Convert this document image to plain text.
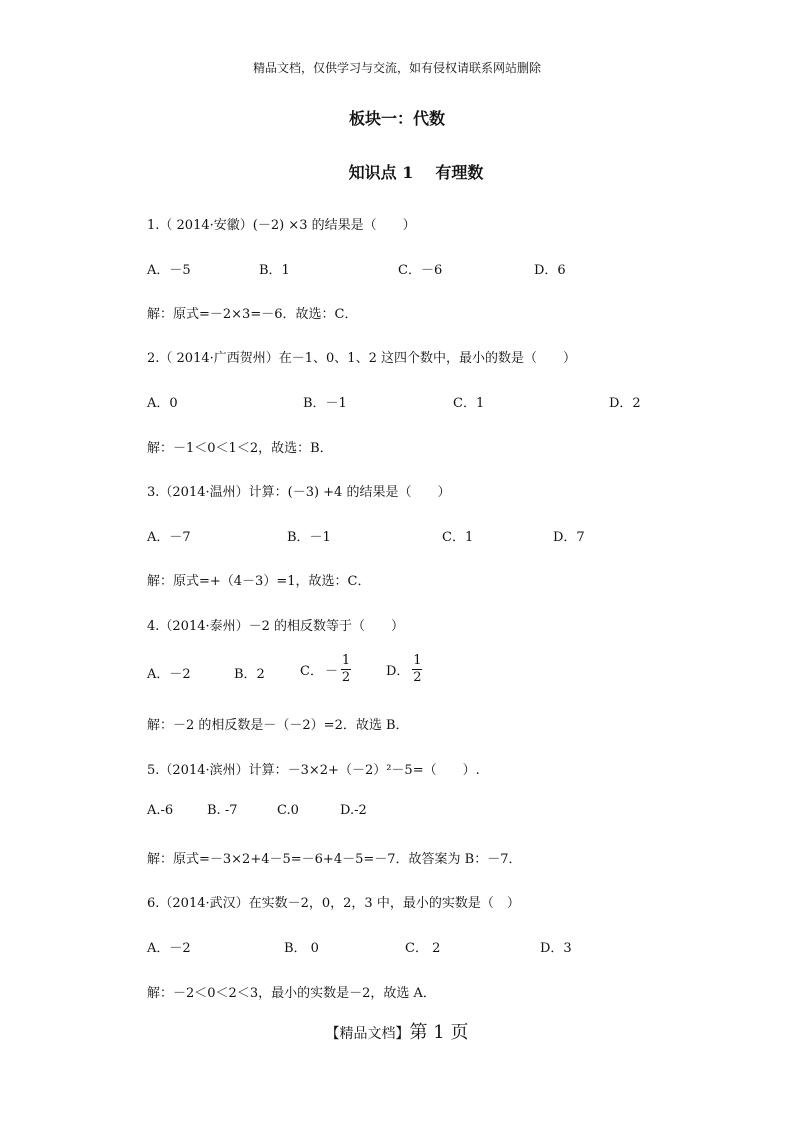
精品文档，仅供学习与交流，如有侵权请联系网站删除
板块一：代数
知识点 1 有理数
1.（ 2014·安徽）(－2) ×3 的结果是（　　）
A．－5	B．1	C．－6	D．6
解：原式=－2×3=－6．故选：C．
2.（ 2014·广西贺州）在－1、0、1、2 这四个数中，最小的数是（　　）
A．0	B．－1	C．1	D．2
解：－1＜0＜1＜2，故选：B．
3.（2014·温州）计算：(－3) +4 的结果是（　　）
A．－7	B．－1	C．1	D．7
解：原式=+（4－3）=1，故选：C．
4.（2014·泰州）－2 的相反数等于（　　）
A．－2	B．2	C． － $\frac{1}{2}$	D． $\frac{1}{2}$
解：－2 的相反数是－（－2）=2．故选 B．
5.（2014·滨州）计算：－3×2+（－2）²－5=（　　）.
A.-6	B. -7	C.0	D.-2
解：原式=－3×2+4－5=－6+4－5=－7．故答案为 B：－7．
6.（2014·武汉）在实数－2，0，2，3 中，最小的实数是（　）
A．－2	B． 0	C． 2	D．3
解：－2＜0＜2＜3，最小的实数是－2，故选 A．
【精品文档】第 1 页
